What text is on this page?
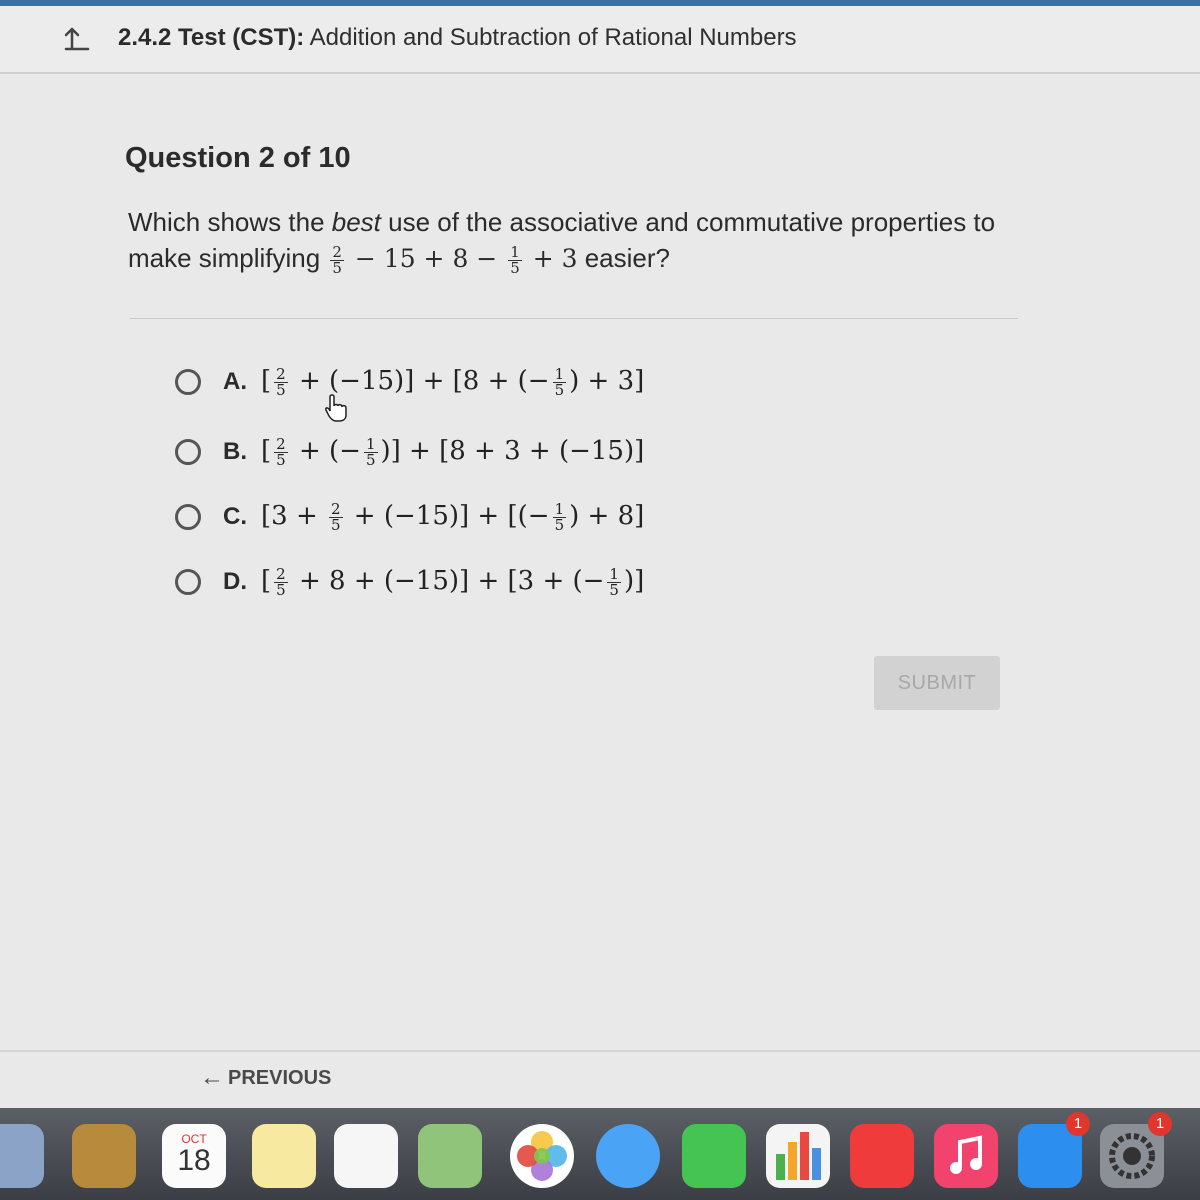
2.4.2 Test (CST): Addition and Subtraction of Rational Numbers
Question 2 of 10
Which shows the best use of the associative and commutative properties to make simplifying $\frac{2}{5} - 15 + 8 - \frac{1}{5} + 3$ easier?
A. [ $\frac{2}{5} + (-15)] + [8$ + (− $\frac{1}{5}$ ) + 3]
B. [ $\frac{2}{5}$ + (− $\frac{1}{5}$ )] + [8 + 3 + (−15)]
C. $[3 + \frac{2}{5} + (-15)]$ + [(− $\frac{1}{5}$ ) + 8]
D. [ $\frac{2}{5} + 8 + (-15)] + [3$ + (− $\frac{1}{5}$ )]
SUBMIT
← PREVIOUS
OCT
18
1	1
